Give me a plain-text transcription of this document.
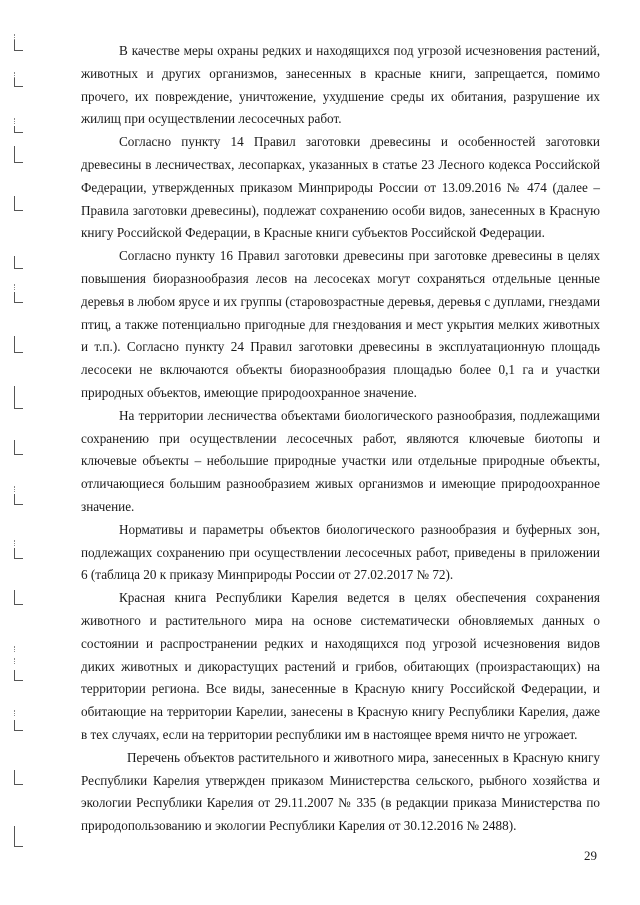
В качестве меры охраны редких и находящихся под угрозой исчезновения растений, животных и других организмов, занесенных в красные книги, запрещается, помимо прочего, их повреждение, уничтожение, ухудшение среды их обитания, разрушение их жилищ при осуществлении лесосечных работ.

Согласно пункту 14 Правил заготовки древесины и особенностей заготовки древесины в лесничествах, лесопарках, указанных в статье 23 Лесного кодекса Российской Федерации, утвержденных приказом Минприроды России от 13.09.2016 № 474 (далее – Правила заготовки древесины), подлежат сохранению особи видов, занесенных в Красную книгу Российской Федерации, в Красные книги субъектов Российской Федерации.

Согласно пункту 16 Правил заготовки древесины при заготовке древесины в целях повышения биоразнообразия лесов на лесосеках могут сохраняться отдельные ценные деревья в любом ярусе и их группы (старовозрастные деревья, деревья с дуплами, гнездами птиц, а также потенциально пригодные для гнездования и мест укрытия мелких животных и т.п.). Согласно пункту 24 Правил заготовки древесины в эксплуатационную площадь лесосеки не включаются объекты биоразнообразия площадью более 0,1 га и участки природных объектов, имеющие природоохранное значение.

На территории лесничества объектами биологического разнообразия, подлежащими сохранению при осуществлении лесосечных работ, являются ключевые биотопы и ключевые объекты – небольшие природные участки или отдельные природные объекты, отличающиеся большим разнообразием живых организмов и имеющие природоохранное значение.

Нормативы и параметры объектов биологического разнообразия и буферных зон, подлежащих сохранению при осуществлении лесосечных работ, приведены в приложении 6 (таблица 20 к приказу Минприроды России от 27.02.2017 № 72).

Красная книга Республики Карелия ведется в целях обеспечения сохранения животного и растительного мира на основе систематически обновляемых данных о состоянии и распространении редких и находящихся под угрозой исчезновения видов диких животных и дикорастущих растений и грибов, обитающих (произрастающих) на территории региона. Все виды, занесенные в Красную книгу Российской Федерации, и обитающие на территории Карелии, занесены в Красную книгу Республики Карелия, даже в тех случаях, если на территории республики им в настоящее время ничто не угрожает.

Перечень объектов растительного и животного мира, занесенных в Красную книгу Республики Карелия утвержден приказом Министерства сельского, рыбного хозяйства и экологии Республики Карелия от 29.11.2007 № 335 (в редакции приказа Министерства по природопользованию и экологии Республики Карелия от 30.12.2016 № 2488).

29
